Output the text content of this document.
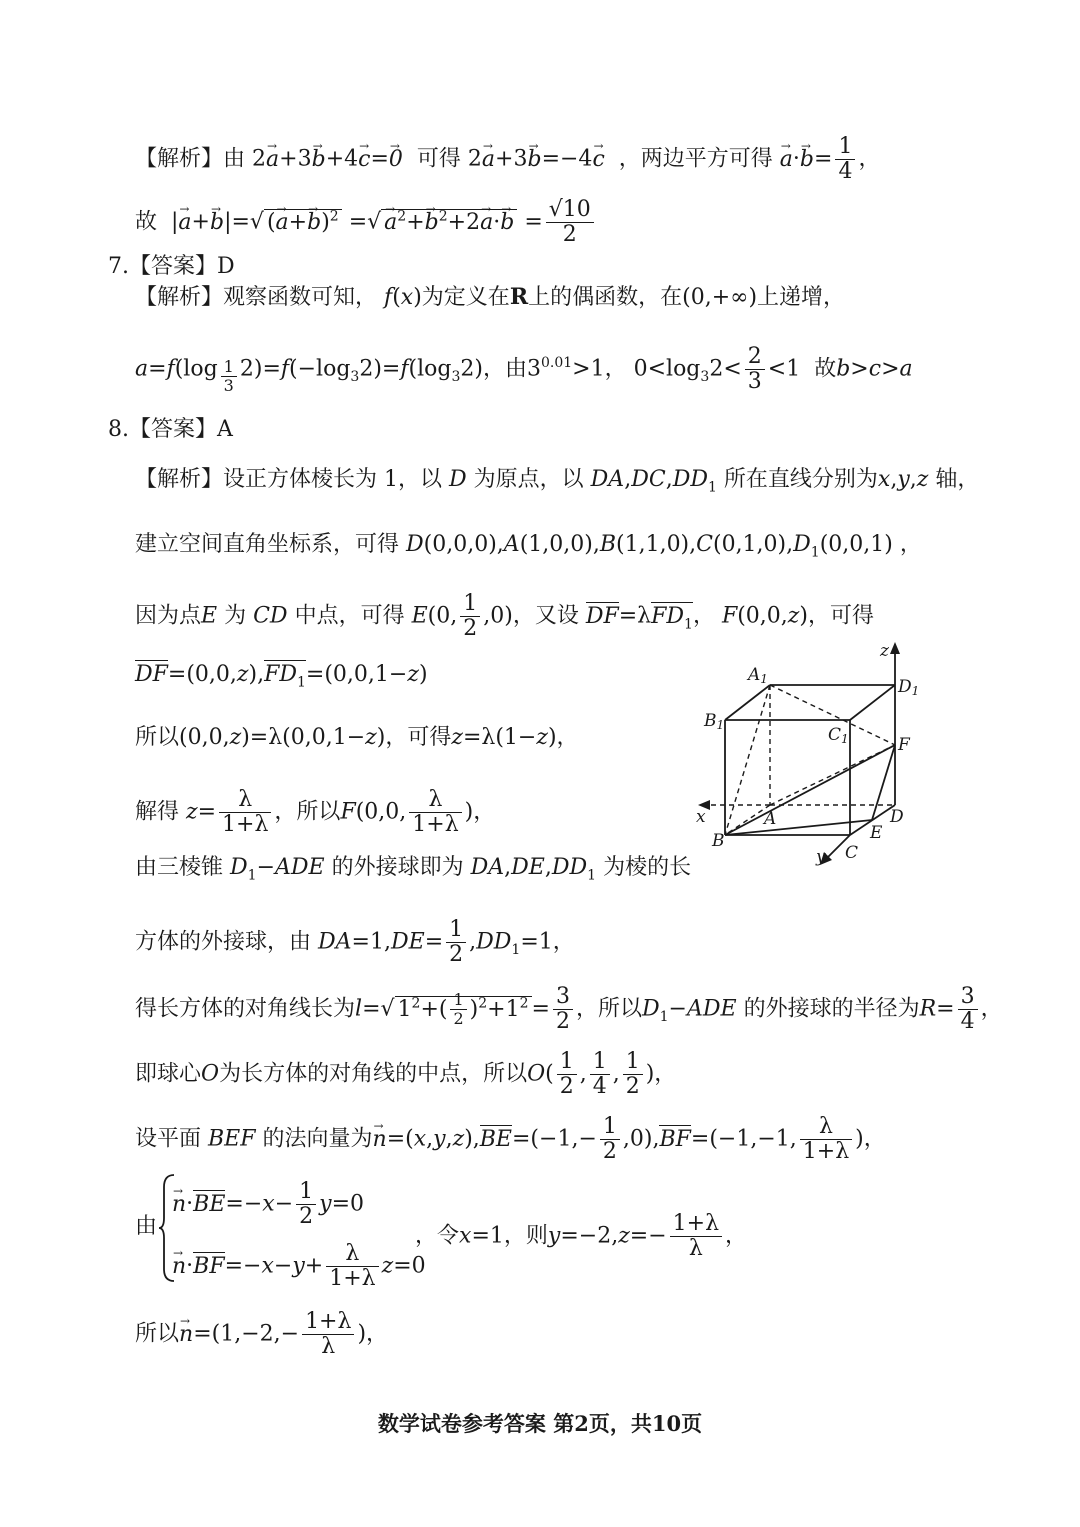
【解析】由 2→ a+3→ b+4→ c=→ 0 可得 2→ a+3→ b=−4→ c ，两边平方可得 → $a\cdot\to b= \frac{1}{4}$ ，
故  |→ a+→ b|=√ (→ a+→ b)$^2$ =√ → $a^2+\to b^2+2\to a\cdot\to b = \frac{√10}{2}$
7.【答案】D
【解析】观察函数可知， f(x)为定义在R上的偶函数，在(0,+∞)上递增，
a=f(log $_{\frac{1}{3}}$ $2)=f(-\log_32)=f(\log_32)$，由$3^{0.01}>1$， $0<\log_32< \frac{2}{3} <1$  故b>c>a
8.【答案】A
【解析】设正方体棱长为 1，以 D 为原点，以 $DA,DC,DD_1$ 所在直线分别为x,y,z 轴，
建立空间直角坐标系，可得 $D(0,0,0),A(1,0,0),B(1,1,0),C(0,1,0),D_1(0,0,1)$ ，
因为点E 为 CD 中点，可得 E(0, $\frac{1}{2} ,0$)，又设 DF=λFD$_1$， F(0,0,z)，可得
$DF=(0,0,z),FD_1=(0,0,1-z)$
所以(0,0,z)=λ(0,0,1−z)，可得z=λ(1−z)，
解得 $z= \frac{\lambda}{1+\lambda}$ ，所以F(0,0, $\frac{\lambda}{1+\lambda}$ )，
由三棱锥 $D_1-ADE$ 的外接球即为 $DA,DE,DD_1$ 为棱的长
方体的外接球，由 $DA=1,DE= \frac{1}{2} ,DD_1=1$，
得长方体的对角线长为l=√ $1^2+( \frac{1}{2} )^2+1^2 = \frac{3}{2}$ ，所以$D_1-ADE$ 的外接球的半径为$R= \frac{3}{4}$ ，
即球心O为长方体的对角线的中点，所以$O( \frac{1}{2}$ , $\frac{1}{4}$ , $\frac{1}{2}$ )，
设平面 BEF 的法向量为→ $n=(x,y,z),BE=(-1,- \frac{1}{2} ,0),BF=(-1,-1$, $\frac{\lambda}{1+\lambda}$ )，
由
→ $n\cdot BE=-x- \frac{1}{2} y=0$
→ $n\cdot BF=-x-y+ \frac{\lambda}{1+\lambda} z=0$
，令x=1，则$y=-2,z=- \frac{1+\lambda}{\lambda}$ ，
所以→ $n=(1,-2,- \frac{1+\lambda}{\lambda}$ )，
z
A1	D1
B1	C1	F
x	A	D
E
B
y C
数学试卷参考答案 第2页，共10页
